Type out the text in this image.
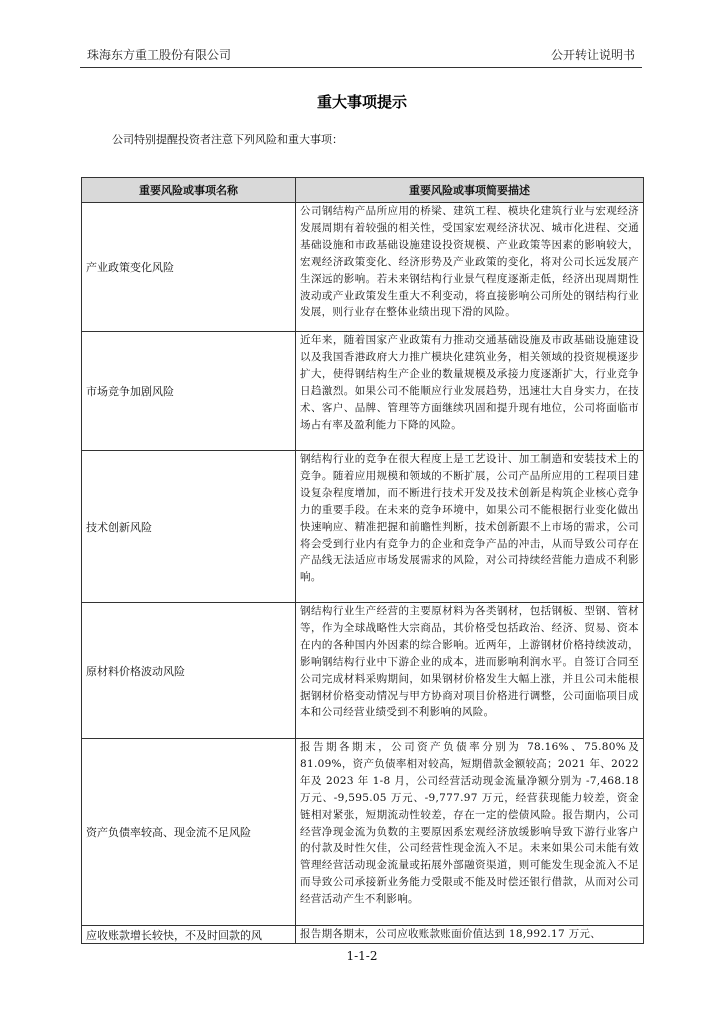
珠海东方重工股份有限公司	公开转让说明书
重大事项提示
公司特别提醒投资者注意下列风险和重大事项：
重要风险或事项名称	重要风险或事项简要描述
产业政策变化风险	公司钢结构产品所应用的桥梁、建筑工程、模块化建筑行业与宏观经济发展周期有着较强的相关性，受国家宏观经济状况、城市化进程、交通基础设施和市政基础设施建设投资规模、产业政策等因素的影响较大，宏观经济政策变化、经济形势及产业政策的变化，将对公司长远发展产生深远的影响。若未来钢结构行业景气程度逐渐走低，经济出现周期性波动或产业政策发生重大不利变动，将直接影响公司所处的钢结构行业发展，则行业存在整体业绩出现下滑的风险。
市场竞争加剧风险	近年来，随着国家产业政策有力推动交通基础设施及市政基础设施建设以及我国香港政府大力推广模块化建筑业务，相关领域的投资规模逐步扩大，使得钢结构生产企业的数量规模及承接力度逐渐扩大，行业竞争日趋激烈。如果公司不能顺应行业发展趋势，迅速壮大自身实力，在技术、客户、品牌、管理等方面继续巩固和提升现有地位，公司将面临市场占有率及盈利能力下降的风险。
技术创新风险	钢结构行业的竞争在很大程度上是工艺设计、加工制造和安装技术上的竞争。随着应用规模和领域的不断扩展，公司产品所应用的工程项目建设复杂程度增加，而不断进行技术开发及技术创新是构筑企业核心竞争力的重要手段。在未来的竞争环境中，如果公司不能根据行业变化做出快速响应、精准把握和前瞻性判断，技术创新跟不上市场的需求，公司将会受到行业内有竞争力的企业和竞争产品的冲击，从而导致公司存在产品线无法适应市场发展需求的风险，对公司持续经营能力造成不利影响。
原材料价格波动风险	钢结构行业生产经营的主要原材料为各类钢材，包括钢板、型钢、管材等，作为全球战略性大宗商品，其价格受包括政治、经济、贸易、资本在内的各种国内外因素的综合影响。近两年，上游钢材价格持续波动，影响钢结构行业中下游企业的成本，进而影响利润水平。自签订合同至公司完成材料采购期间，如果钢材价格发生大幅上涨，并且公司未能根据钢材价格变动情况与甲方协商对项目价格进行调整，公司面临项目成本和公司经营业绩受到不利影响的风险。
资产负债率较高、现金流不足风险	报告期各期末，公司资产负债率分别为 78.16%、75.80%及 81.09%，资产负债率相对较高，短期借款金额较高；2021 年、2022 年及 2023 年 1-8 月，公司经营活动现金流量净额分别为 -7,468.18 万元、-9,595.05 万元、-9,777.97 万元，经营获现能力较差，资金链相对紧张，短期流动性较差，存在一定的偿债风险。报告期内，公司经营净现金流为负数的主要原因系宏观经济放缓影响导致下游行业客户的付款及时性欠佳，公司经营性现金流入不足。未来如果公司未能有效管理经营活动现金流量或拓展外部融资渠道，则可能发生现金流入不足而导致公司承接新业务能力受限或不能及时偿还银行借款，从而对公司经营活动产生不利影响。
应收账款增长较快，不及时回款的风	报告期各期末，公司应收账款账面价值达到 18,992.17 万元、
1-1-2
